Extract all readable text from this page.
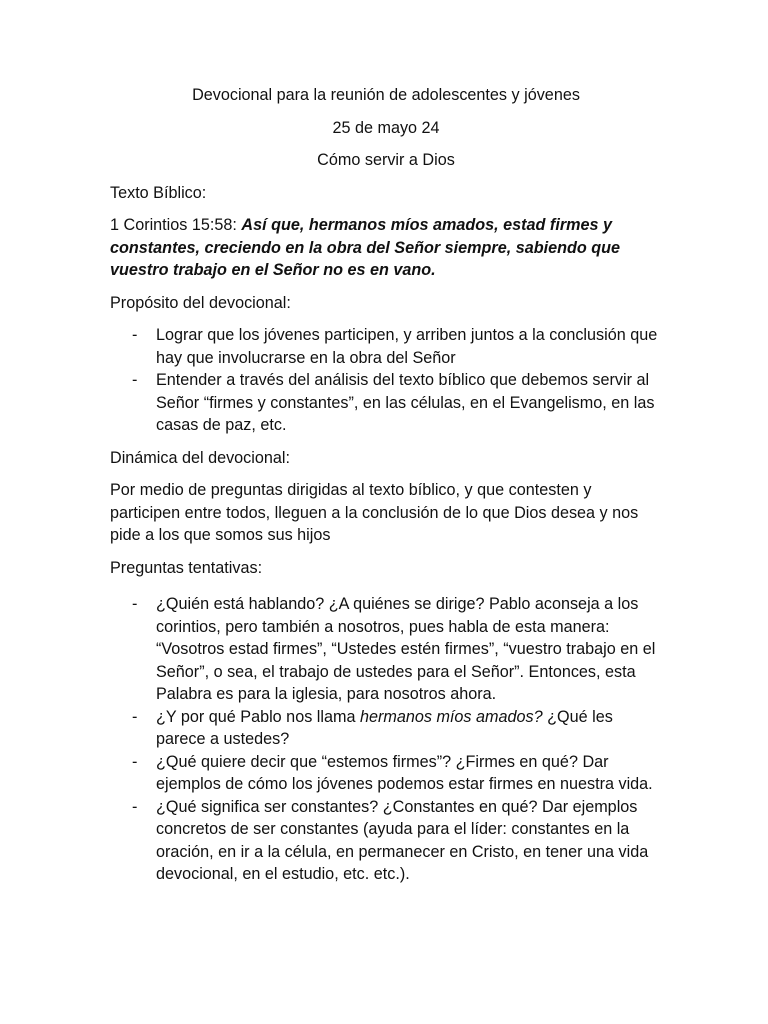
Devocional para la reunión de adolescentes y jóvenes

25 de mayo 24

Cómo servir a Dios

Texto Bíblico:

1 Corintios 15:58: Así que, hermanos míos amados, estad firmes y constantes, creciendo en la obra del Señor siempre, sabiendo que vuestro trabajo en el Señor no es en vano.

Propósito del devocional:

- Lograr que los jóvenes participen, y arriben juntos a la conclusión que hay que involucrarse en la obra del Señor
- Entender a través del análisis del texto bíblico que debemos servir al Señor “firmes y constantes”, en las células, en el Evangelismo, en las casas de paz, etc.

Dinámica del devocional:

Por medio de preguntas dirigidas al texto bíblico, y que contesten y participen entre todos, lleguen a la conclusión de lo que Dios desea y nos pide a los que somos sus hijos

Preguntas tentativas:

- ¿Quién está hablando? ¿A quiénes se dirige? Pablo aconseja a los corintios, pero también a nosotros, pues habla de esta manera: “Vosotros estad firmes”, “Ustedes estén firmes”, “vuestro trabajo en el Señor”, o sea, el trabajo de ustedes para el Señor”. Entonces, esta Palabra es para la iglesia, para nosotros ahora.
- ¿Y por qué Pablo nos llama hermanos míos amados? ¿Qué les parece a ustedes?
- ¿Qué quiere decir que “estemos firmes”? ¿Firmes en qué? Dar ejemplos de cómo los jóvenes podemos estar firmes en nuestra vida.
- ¿Qué significa ser constantes? ¿Constantes en qué? Dar ejemplos concretos de ser constantes (ayuda para el líder: constantes en la oración, en ir a la célula, en permanecer en Cristo, en tener una vida devocional, en el estudio, etc. etc.).
